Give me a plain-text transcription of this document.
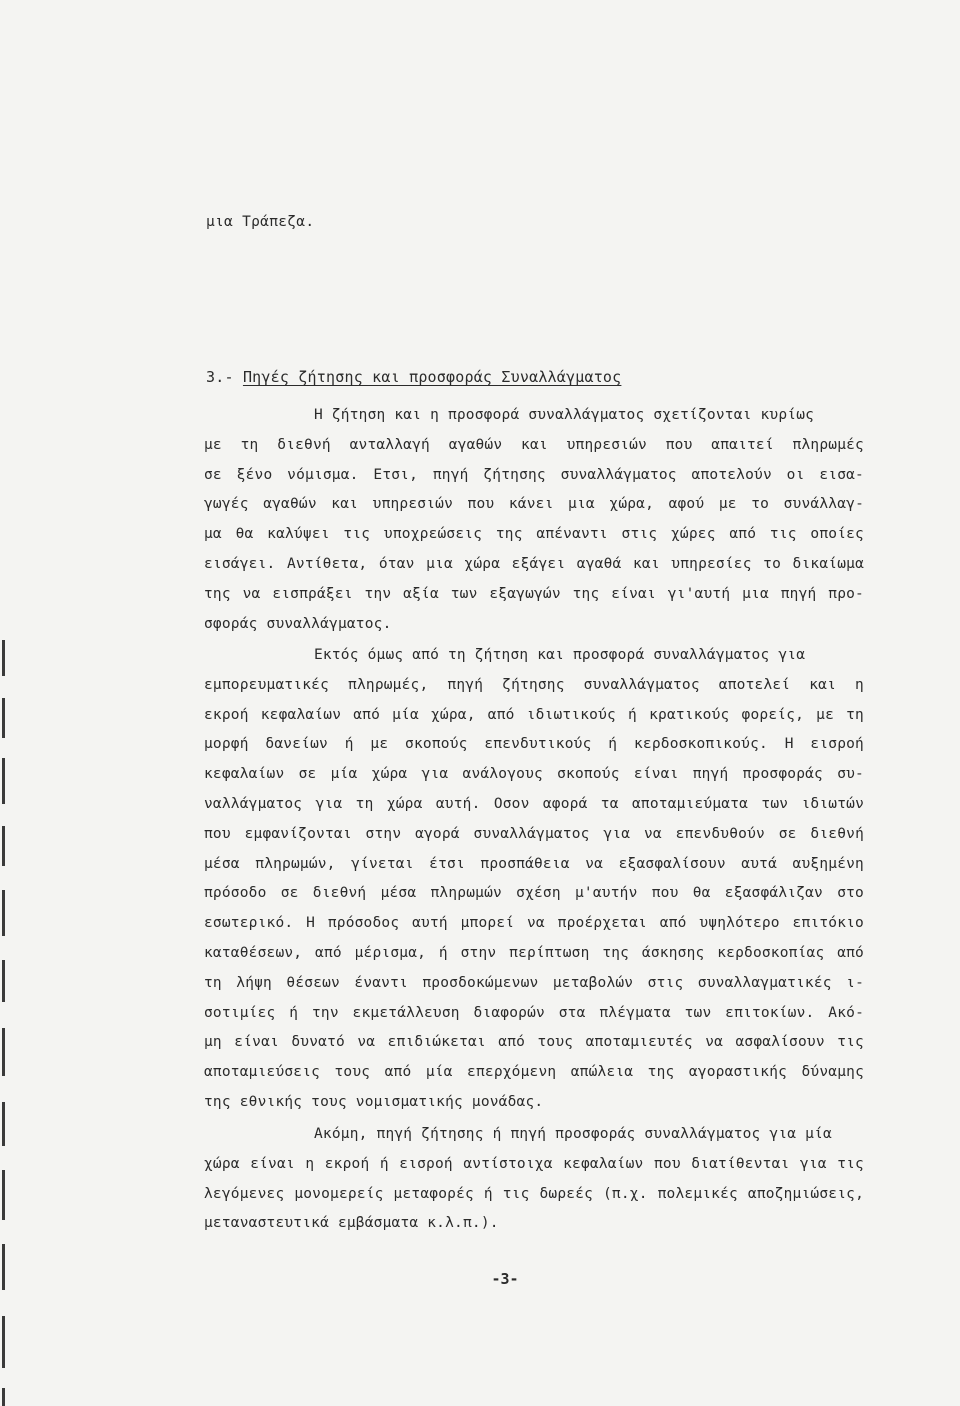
μια Τράπεζα.
3.- Πηγές ζήτησης και προσφοράς Συναλλάγματος
Η ζήτηση και η προσφορά συναλλάγματος σχετίζονται κυρίως
με τη διεθνή ανταλλαγή αγαθών και υπηρεσιών που απαιτεί πληρωμές
σε ξένο νόμισμα. Ετσι, πηγή ζήτησης συναλλάγματος αποτελούν οι εισα-
γωγές αγαθών και υπηρεσιών που κάνει μια χώρα, αφού με το συνάλλαγ-
μα θα καλύψει τις υποχρεώσεις της απέναντι στις χώρες από τις οποίες
εισάγει. Αντίθετα, όταν μια χώρα εξάγει αγαθά και υπηρεσίες το δικαίωμα
της να εισπράξει την αξία των εξαγωγών της είναι γι'αυτή μια πηγή προ-
σφοράς συναλλάγματος.
Εκτός όμως από τη ζήτηση και προσφορά συναλλάγματος για
εμπορευματικές πληρωμές, πηγή ζήτησης συναλλάγματος αποτελεί και η
εκροή κεφαλαίων από μία χώρα, από ιδιωτικούς ή κρατικούς φορείς, με τη
μορφή δανείων ή με σκοπούς επενδυτικούς ή κερδοσκοπικούς. Η εισροή
κεφαλαίων σε μία χώρα για ανάλογους σκοπούς είναι πηγή προσφοράς συ-
ναλλάγματος για τη χώρα αυτή. Οσον αφορά τα αποταμιεύματα των ιδιωτών
που εμφανίζονται στην αγορά συναλλάγματος για να επενδυθούν σε διεθνή
μέσα πληρωμών, γίνεται έτσι προσπάθεια να εξασφαλίσουν αυτά αυξημένη
πρόσοδο σε διεθνή μέσα πληρωμών σχέση μ'αυτήν που θα εξασφάλιζαν στο
εσωτερικό. Η πρόσοδος αυτή μπορεί να προέρχεται από υψηλότερο επιτόκιο
καταθέσεων, από μέρισμα, ή στην περίπτωση της άσκησης κερδοσκοπίας από
τη λήψη θέσεων έναντι προσδοκώμενων μεταβολών στις συναλλαγματικές ι-
σοτιμίες ή την εκμετάλλευση διαφορών στα πλέγματα των επιτοκίων. Ακό-
μη είναι δυνατό να επιδιώκεται από τους αποταμιευτές να ασφαλίσουν τις
αποταμιεύσεις τους από μία επερχόμενη απώλεια της αγοραστικής δύναμης
της εθνικής τους νομισματικής μονάδας.
Ακόμη, πηγή ζήτησης ή πηγή προσφοράς συναλλάγματος για μία
χώρα είναι η εκροή ή εισροή αντίστοιχα κεφαλαίων που διατίθενται για τις
λεγόμενες μονομερείς μεταφορές ή τις δωρεές (π.χ. πολεμικές αποζημιώσεις,
μεταναστευτικά εμβάσματα κ.λ.π.).
-3-
